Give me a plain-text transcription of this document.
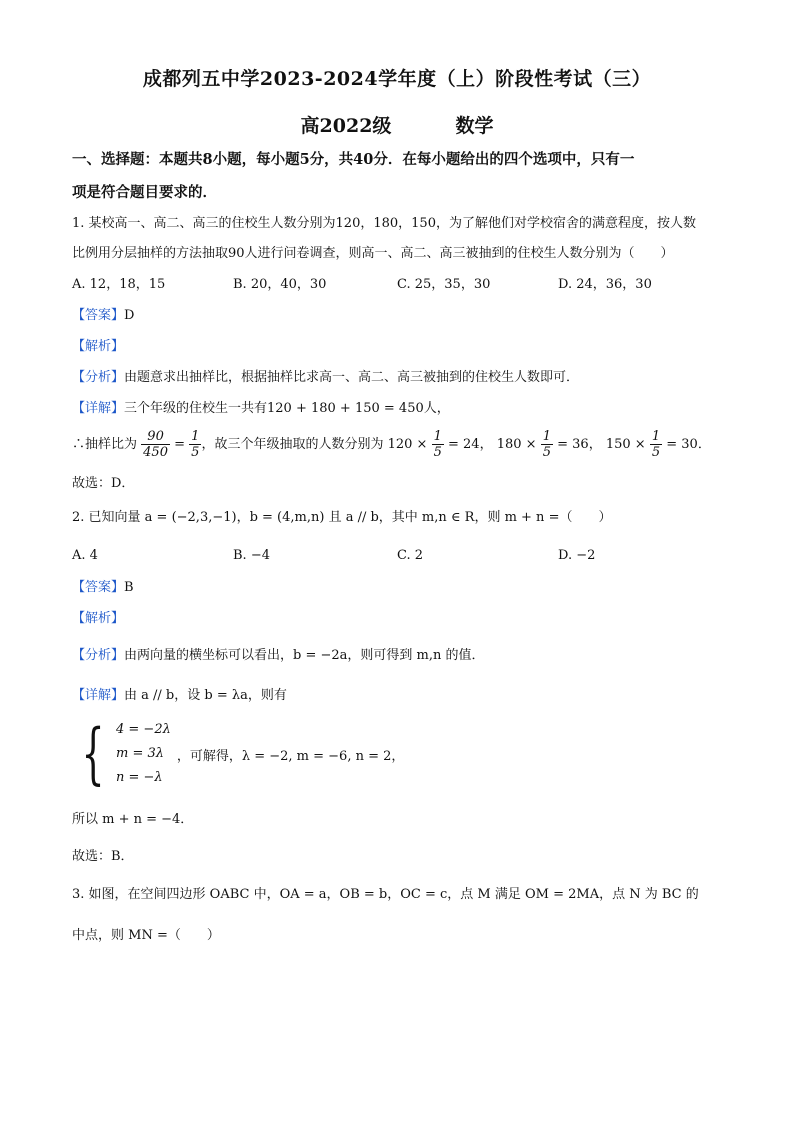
成都列五中学2023-2024学年度（上）阶段性考试（三）
高2022级	数学
一、选择题：本题共8小题，每小题5分，共40分．在每小题给出的四个选项中，只有一
项是符合题目要求的．
1. 某校高一、高二、高三的住校生人数分别为120，180，150，为了解他们对学校宿舍的满意程度，按人数
比例用分层抽样的方法抽取90人进行问卷调查，则高一、高二、高三被抽到的住校生人数分别为（　　）
A. 12，18，15	B. 20，40，30	C. 25，35，30	D. 24，36，30
【答案】D
【解析】
【分析】由题意求出抽样比，根据抽样比求高一、高二、高三被抽到的住校生人数即可．
【详解】三个年级的住校生一共有120 + 180 + 150 = 450人，
∴抽样比为 $\frac{90}{450} = \frac{1}{5}$ ，故三个年级抽取的人数分别为 $120 \times \frac{1}{5} = 24$， $180 \times \frac{1}{5} = 36$， $150 \times \frac{1}{5} = 30$．
故选：D．
2. 已知向量 a = (−2,3,−1)，b = (4,m,n) 且 a // b，其中 m,n ∈ R，则 m + n =（　　）
A. 4	B. −4	C. 2	D. −2
【答案】B
【解析】
【分析】由两向量的横坐标可以看出，b = −2a，则可得到 m,n 的值．
【详解】由 a // b，设 b = λa，则有
{ 4 = −2λ
m = 3λ
n = −λ
，可解得，λ = −2, m = −6, n = 2，
所以 m + n = −4．
故选：B．
3. 如图，在空间四边形 OABC 中，OA = a，OB = b，OC = c，点 M 满足 OM = 2MA，点 N 为 BC 的
中点，则 MN =（　　）
